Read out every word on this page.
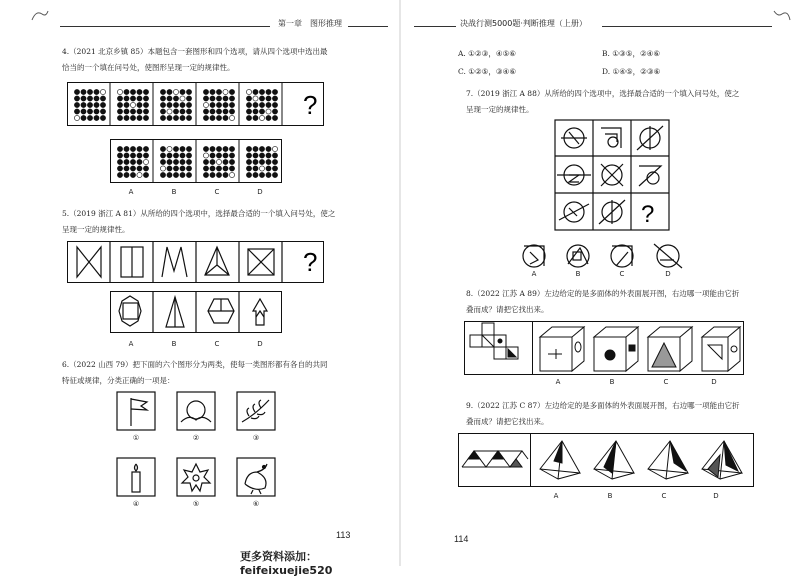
第一章　图形推理
4.（2021 北京乡镇 85）本题包含一套图形和四个选项，请从四个选项中选出最
恰当的一个填在问号处，使图形呈现一定的规律性。
?
A	B	C	D
5.（2019 浙江 A 81）从所给的四个选项中，选择最合适的一个填入问号处，使之
呈现一定的规律性。
?
A	B	C	D
6.（2022 山西 79）把下面的六个图形分为两类，使每一类图形都有各自的共同
特征或规律，分类正确的一项是：
①	②	③
④	⑤	⑥
113
更多资料添加：feifeixuejie520
决战行测5000题·判断推理（上册）
A. ①②③，④⑤⑥	B. ①③⑤，②④⑥
C. ①②⑤，③④⑥	D. ①④⑤，②③⑥
7.（2019 浙江 A 88）从所给的四个选项中，选择最合适的一个填入问号处，使之
呈现一定的规律性。
?
A	B	C	D
8.（2022 江苏 A 89）左边给定的是多面体的外表面展开图，右边哪一项能由它折
叠而成？请把它找出来。
A	B	C	D
9.（2022 江苏 C 87）左边给定的是多面体的外表面展开图，右边哪一项能由它折
叠而成？请把它找出来。
A	B	C	D
114
